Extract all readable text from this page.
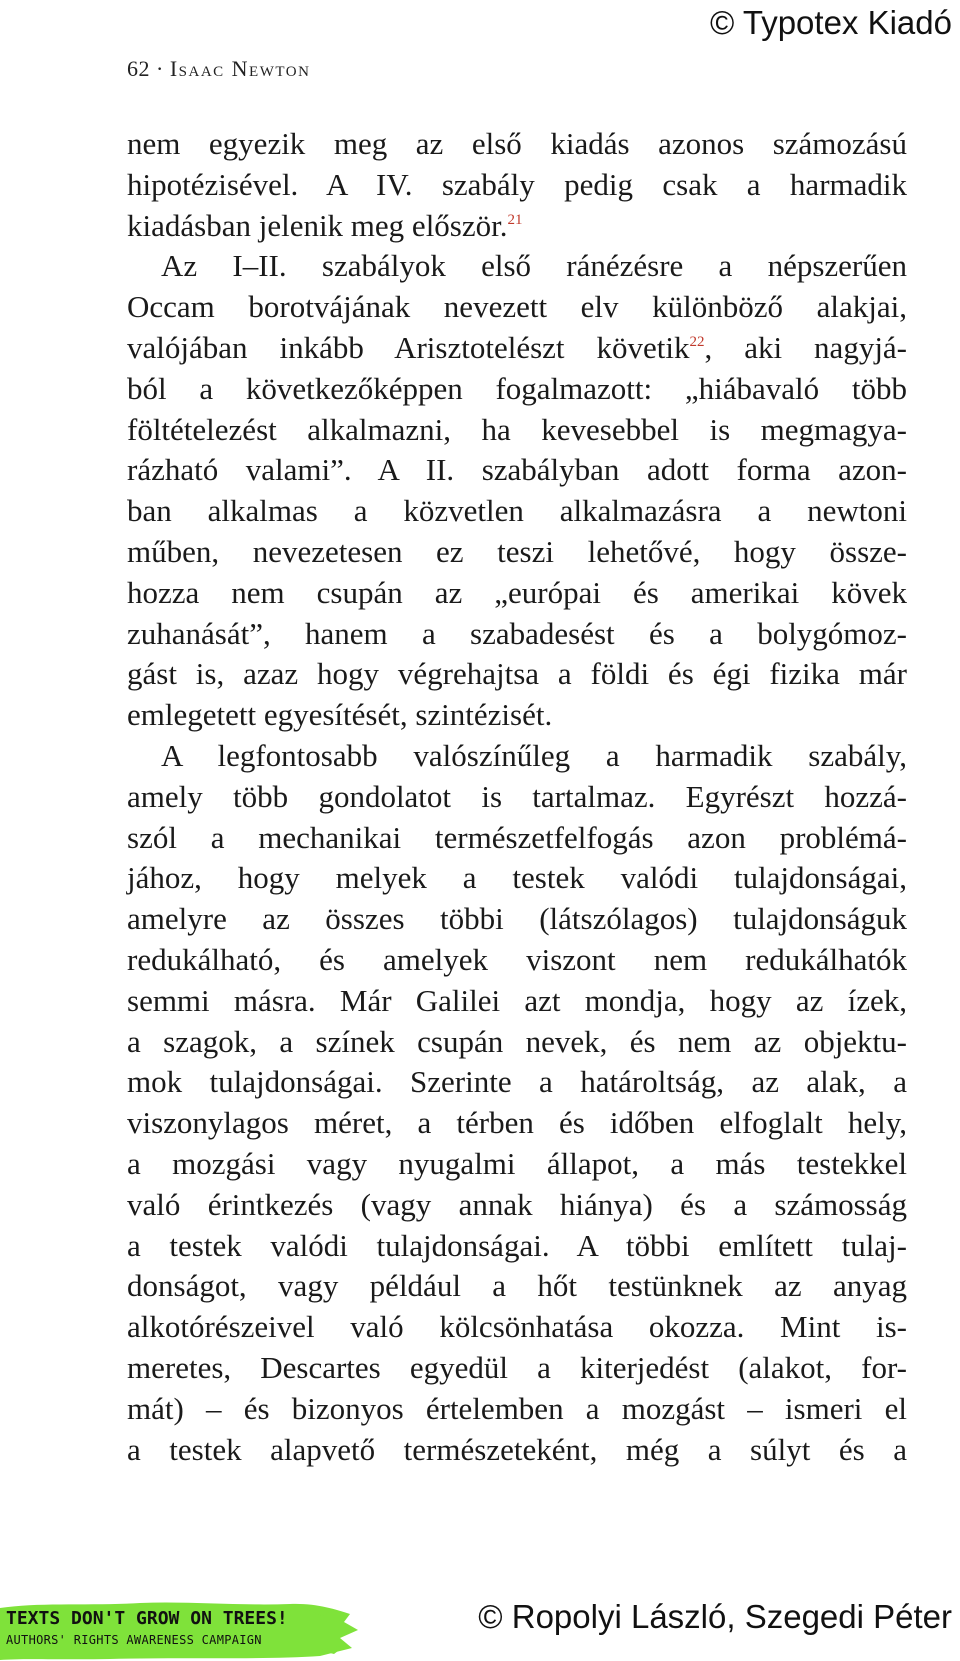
© Typotex Kiadó
62 · Isaac Newton
nem egyezik meg az első kiadás azonos számozású
hipotézisével. A IV. szabály pedig csak a harmadik
kiadásban jelenik meg először.$^{21}$
Az I–II. szabályok első ránézésre a népszerűen
Occam borotvájának nevezett elv különböző alakjai,
valójában inkább Arisztotelészt követik$^{22}$, aki nagyjá-
ból a következőképpen fogalmazott: „hiábavaló több
föltételezést alkalmazni, ha kevesebbel is megmagya-
rázható valami”. A II. szabályban adott forma azon-
ban alkalmas a közvetlen alkalmazásra a newtoni
műben, nevezetesen ez teszi lehetővé, hogy össze-
hozza nem csupán az „európai és amerikai kövek
zuhanását”, hanem a szabadesést és a bolygómoz-
gást is, azaz hogy végrehajtsa a földi és égi fizika már
emlegetett egyesítését, szintézisét.
A legfontosabb valószínűleg a harmadik szabály,
amely több gondolatot is tartalmaz. Egyrészt hozzá-
szól a mechanikai természetfelfogás azon problémá-
jához, hogy melyek a testek valódi tulajdonságai,
amelyre az összes többi (látszólagos) tulajdonságuk
redukálható, és amelyek viszont nem redukálhatók
semmi másra. Már Galilei azt mondja, hogy az ízek,
a szagok, a színek csupán nevek, és nem az objektu-
mok tulajdonságai. Szerinte a határoltság, az alak, a
viszonylagos méret, a térben és időben elfoglalt hely,
a mozgási vagy nyugalmi állapot, a más testekkel
való érintkezés (vagy annak hiánya) és a számosság
a testek valódi tulajdonságai. A többi említett tulaj-
donságot, vagy például a hőt testünknek az anyag
alkotórészeivel való kölcsönhatása okozza. Mint is-
meretes, Descartes egyedül a kiterjedést (alakot, for-
mát) – és bizonyos értelemben a mozgást – ismeri el
a testek alapvető természeteként, még a súlyt és a
TEXTS DON'T GROW ON TREES!
AUTHORS' RIGHTS AWARENESS CAMPAIGN
© Ropolyi László, Szegedi Péter
